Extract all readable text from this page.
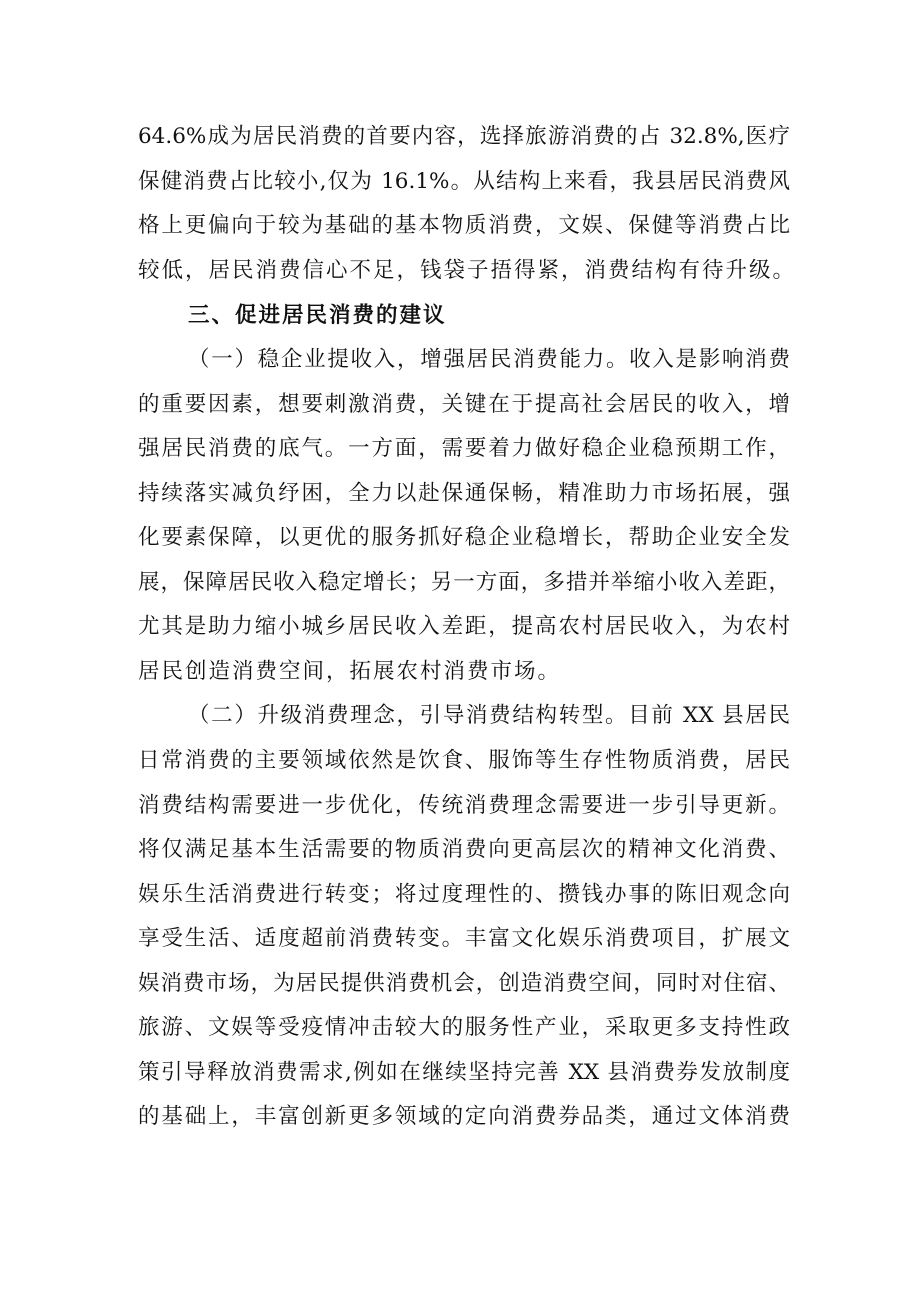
64.6%成为居民消费的首要内容，选择旅游消费的占 32.8%,医疗

保健消费占比较小,仅为 16.1%。从结构上来看，我县居民消费风

格上更偏向于较为基础的基本物质消费，文娱、保健等消费占比

较低，居民消费信心不足，钱袋子捂得紧，消费结构有待升级。

三、促进居民消费的建议

（一）稳企业提收入，增强居民消费能力。收入是影响消费

的重要因素，想要刺激消费，关键在于提高社会居民的收入，增

强居民消费的底气。一方面，需要着力做好稳企业稳预期工作，

持续落实减负纾困，全力以赴保通保畅，精准助力市场拓展，强

化要素保障，以更优的服务抓好稳企业稳增长，帮助企业安全发

展，保障居民收入稳定增长；另一方面，多措并举缩小收入差距，

尤其是助力缩小城乡居民收入差距，提高农村居民收入，为农村

居民创造消费空间，拓展农村消费市场。

（二）升级消费理念，引导消费结构转型。目前 XX 县居民

日常消费的主要领域依然是饮食、服饰等生存性物质消费，居民

消费结构需要进一步优化，传统消费理念需要进一步引导更新。

将仅满足基本生活需要的物质消费向更高层次的精神文化消费、

娱乐生活消费进行转变；将过度理性的、攒钱办事的陈旧观念向

享受生活、适度超前消费转变。丰富文化娱乐消费项目，扩展文

娱消费市场，为居民提供消费机会，创造消费空间，同时对住宿、

旅游、文娱等受疫情冲击较大的服务性产业，采取更多支持性政

策引导释放消费需求,例如在继续坚持完善 XX 县消费券发放制度

的基础上，丰富创新更多领域的定向消费券品类，通过文体消费
